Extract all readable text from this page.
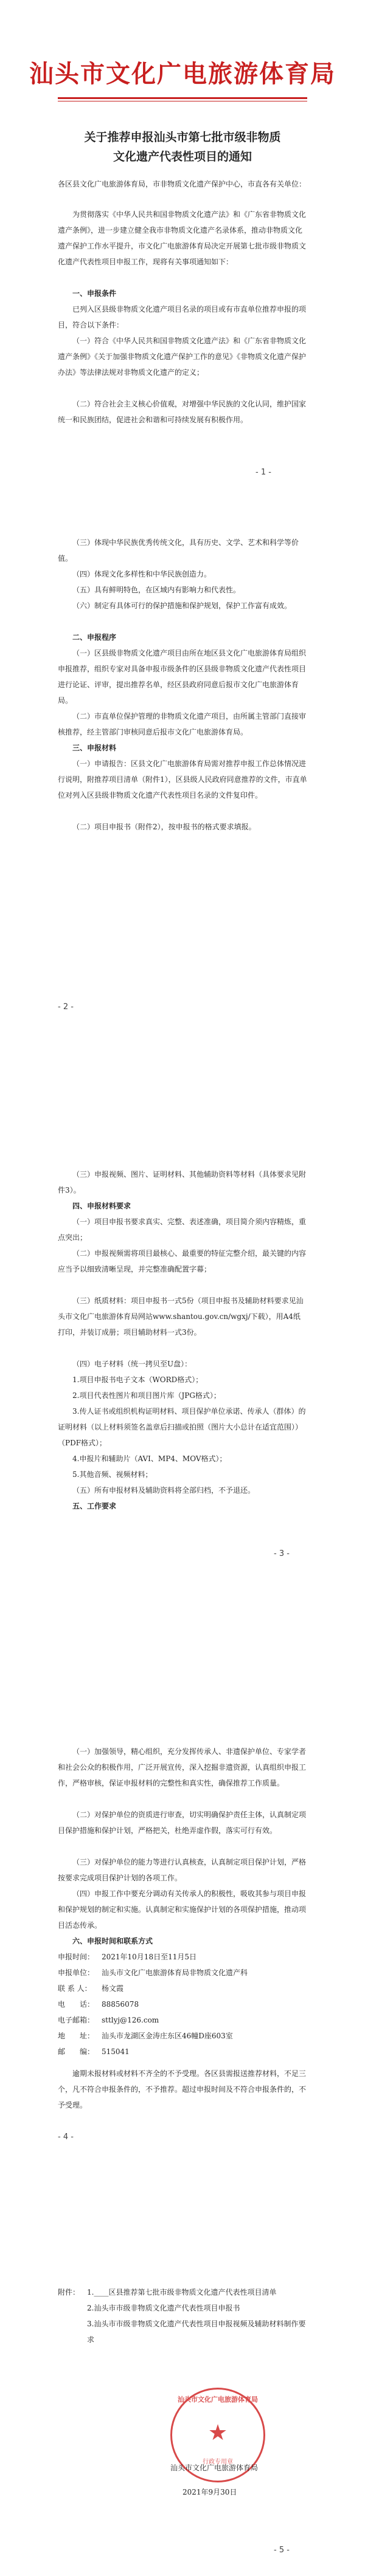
汕头市文化广电旅游体育局
关于推荐申报汕头市第七批市级非物质
文化遗产代表性项目的通知
各区县文化广电旅游体育局，市非物质文化遗产保护中心，市直各有关单位：
为贯彻落实《中华人民共和国非物质文化遗产法》和《广东省非物质文化遗产条例》，进一步建立健全我市非物质文化遗产名录体系，推动非物质文化遗产保护工作水平提升，市文化广电旅游体育局决定开展第七批市级非物质文化遗产代表性项目申报工作，现将有关事项通知如下：
一、申报条件
已列入区县级非物质文化遗产项目名录的项目或有市直单位推荐申报的项目，符合以下条件：
（一）符合《中华人民共和国非物质文化遗产法》和《广东省非物质文化遗产条例》《关于加强非物质文化遗产保护工作的意见》《非物质文化遗产保护办法》等法律法规对非物质文化遗产的定义；
（二）符合社会主义核心价值观，对增强中华民族的文化认同，维护国家统一和民族团结，促进社会和谐和可持续发展有积极作用。
- 1 -
（三）体现中华民族优秀传统文化，具有历史、文学、艺术和科学等价值。
（四）体现文化多样性和中华民族创造力。
（五）具有鲜明特色，在区域内有影响力和代表性。
（六）制定有具体可行的保护措施和保护规划，保护工作富有成效。
二、申报程序
（一）区县级非物质文化遗产项目由所在地区县文化广电旅游体育局组织申报推荐，组织专家对具备申报市级条件的区县级非物质文化遗产代表性项目进行论证、评审，提出推荐名单，经区县政府同意后报市文化广电旅游体育局。
（二）市直单位保护管理的非物质文化遗产项目，由所属主管部门直接审核推荐，经主管部门审核同意后报市文化广电旅游体育局。
三、申报材料
（一）申请报告：区县文化广电旅游体育局需对推荐申报工作总体情况进行说明，附推荐项目清单（附件1），区县级人民政府同意推荐的文件，市直单位对列入区县级非物质文化遗产代表性项目名录的文件复印件。
（二）项目申报书（附件2），按申报书的格式要求填报。
- 2 -
（三）申报视频、图片、证明材料、其他辅助资料等材料（具体要求见附件3）。
四、申报材料要求
（一）项目申报书要求真实、完整、表述准确，项目简介须内容精炼，重点突出；
（二）申报视频需将项目最核心、最重要的特征完整介绍，最关键的内容应当予以细致清晰呈现，并完整准确配置字幕；
（三）纸质材料：项目申报书一式5份（项目申报书及辅助材料要求见汕头市文化广电旅游体育局网站www.shantou.gov.cn/wgxj/下载），用A4纸打印，并装订成册；项目辅助材料一式3份。
（四）电子材料（统一拷贝至U盘）：
1.项目申报书电子文本（WORD格式）；
2.项目代表性图片和项目图片库（JPG格式）；
3.传人证书或组织机构证明材料、项目保护单位承诺、传承人（群体）的证明材料（以上材料须签名盖章后扫描或拍照（图片大小总计在适宜范围））（PDF格式）；
4.申报片和辅助片（AVI、MP4、MOV格式）；
5.其他音频、视频材料；
（五）所有申报材料及辅助资料将全部归档，不予退还。
五、工作要求
- 3 -
（一）加强领导，精心组织，充分发挥传承人、非遗保护单位、专家学者和社会公众的积极作用，广泛开展宣传，深入挖掘非遗资源，认真组织申报工作，严格审核，保证申报材料的完整性和真实性，确保推荐工作质量。
（二）对保护单位的资质进行审查，切实明确保护责任主体，认真制定项目保护措施和保护计划，严格把关，杜绝弄虚作假，落实可行有效。
（三）对保护单位的能力等进行认真核查，认真制定项目保护计划，严格按要求完成项目保护计划的各项工作。
（四）申报工作中要充分调动有关传承人的积极性，吸收其参与项目申报和保护规划的制定和实施。认真制定和实施保护计划的各项保护措施，推动项目活态传承。
六、申报时间和联系方式
申报时间： 2021年10月18日至11月5日
申报单位： 汕头市文化广电旅游体育局非物质文化遗产科
联 系 人： 杨文霞
电　　话： 88856078
电子邮箱： sttlyj@126.com
地　　址： 汕头市龙湖区金涛庄东区46幢D座603室
邮　　编： 515041
逾期未报材料或材料不齐全的不予受理。各区县需报送推荐材料，不足三个，凡不符合申报条件的，不予推荐。超过申报时间及不符合申报条件的，不予受理。
- 4 -
附件： 1.____区县推荐第七批市级非物质文化遗产代表性项目清单
2.汕头市市级非物质文化遗产代表性项目申报书
3.汕头市市级非物质文化遗产代表性项目申报视频及辅助材料制作要求
汕头市文化广电旅游体育局
★
行政专用章
汕头市文化广电旅游体育局
2021年9月30日
- 5 -
